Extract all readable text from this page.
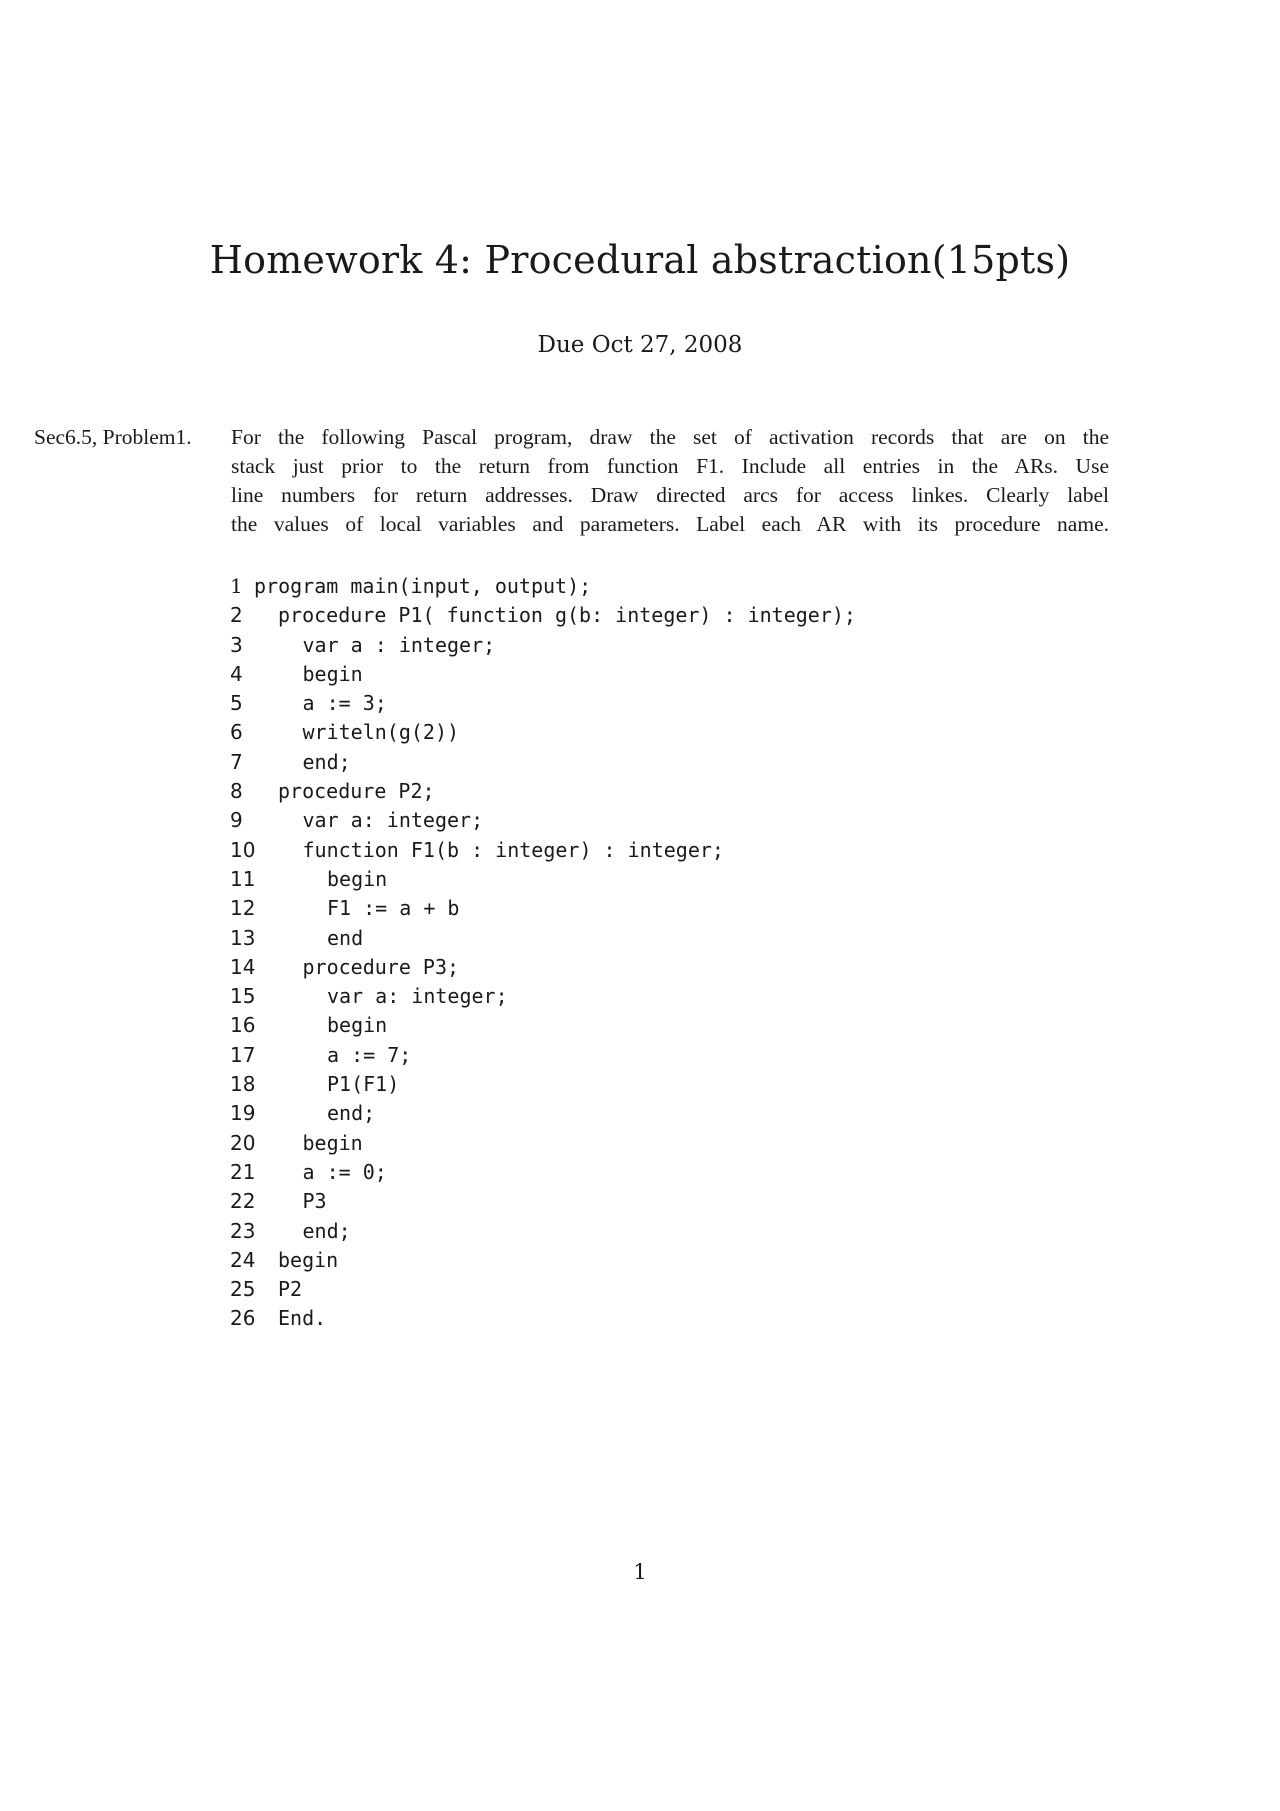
Homework 4: Procedural abstraction(15pts)
Due Oct 27, 2008
Sec6.5, Problem1. For the following Pascal program, draw the set of activation records that are on the
stack just prior to the return from function F1. Include all entries in the ARs. Use
line numbers for return addresses. Draw directed arcs for access linkes. Clearly label
the values of local variables and parameters. Label each AR with its procedure name.
1 program main(input, output);
2	procedure P1( function g(b: integer) : integer);
3	var a : integer;
4	begin
5	a := 3;
6	writeln(g(2))
7	end;
8	procedure P2;
9	var a: integer;
10 function F1(b : integer) : integer;
11	begin
12	F1 := a + b
13	end
14 procedure P3;
15	var a: integer;
16	begin
17	a := 7;
18	P1(F1)
19	end;
20 begin
21 a := 0;
22 P3
23 end;
24 begin
25 P2
26 End.
1
